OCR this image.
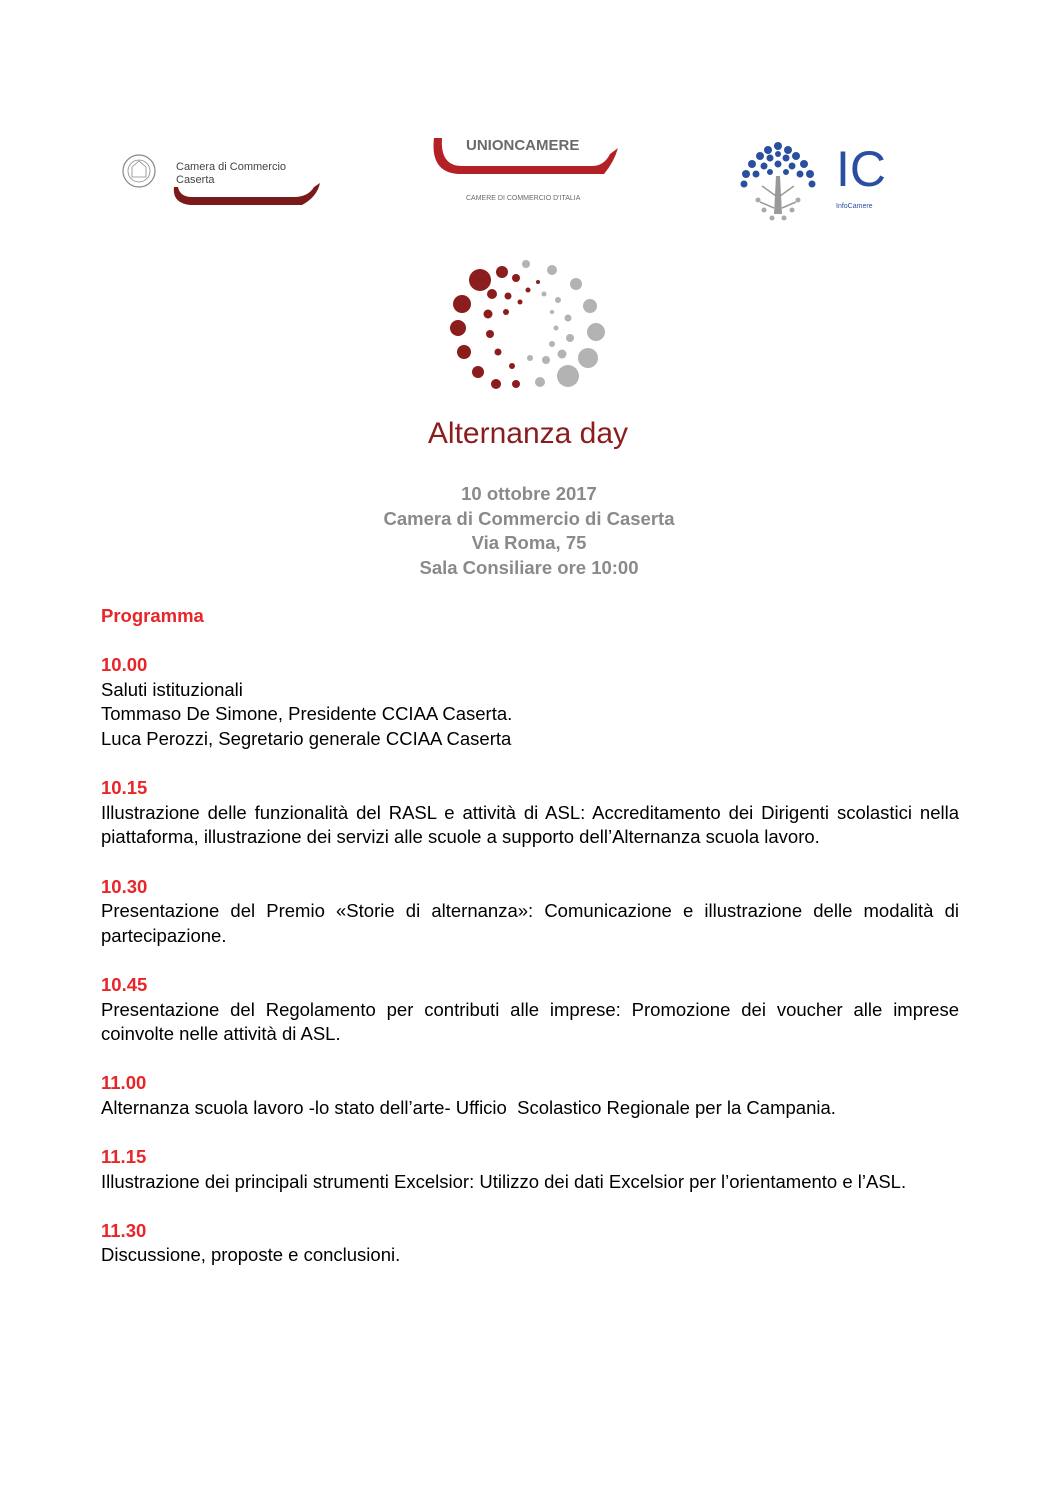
Camera di Commercio
Caserta
UNIONCAMERE
CAMERE DI COMMERCIO D'ITALIA
IC
InfoCamere
Alternanza day
10 ottobre 2017
Camera di Commercio di Caserta
Via Roma, 75
Sala Consiliare ore 10:00
Programma
10.00
Saluti istituzionali
Tommaso De Simone, Presidente CCIAA Caserta.
Luca Perozzi, Segretario generale CCIAA Caserta
10.15
Illustrazione delle funzionalità del RASL e attività di ASL: Accreditamento dei Dirigenti scolastici nella piattaforma, illustrazione dei servizi alle scuole a supporto dell’Alternanza scuola lavoro.
10.30
Presentazione del Premio «Storie di alternanza»: Comunicazione e illustrazione delle modalità di partecipazione.
10.45
Presentazione del Regolamento per contributi alle imprese: Promozione dei voucher alle imprese coinvolte nelle attività di ASL.
11.00
Alternanza scuola lavoro -lo stato dell’arte- Ufficio  Scolastico Regionale per la Campania.
11.15
Illustrazione dei principali strumenti Excelsior: Utilizzo dei dati Excelsior per l’orientamento e l’ASL.
11.30
Discussione, proposte e conclusioni.
